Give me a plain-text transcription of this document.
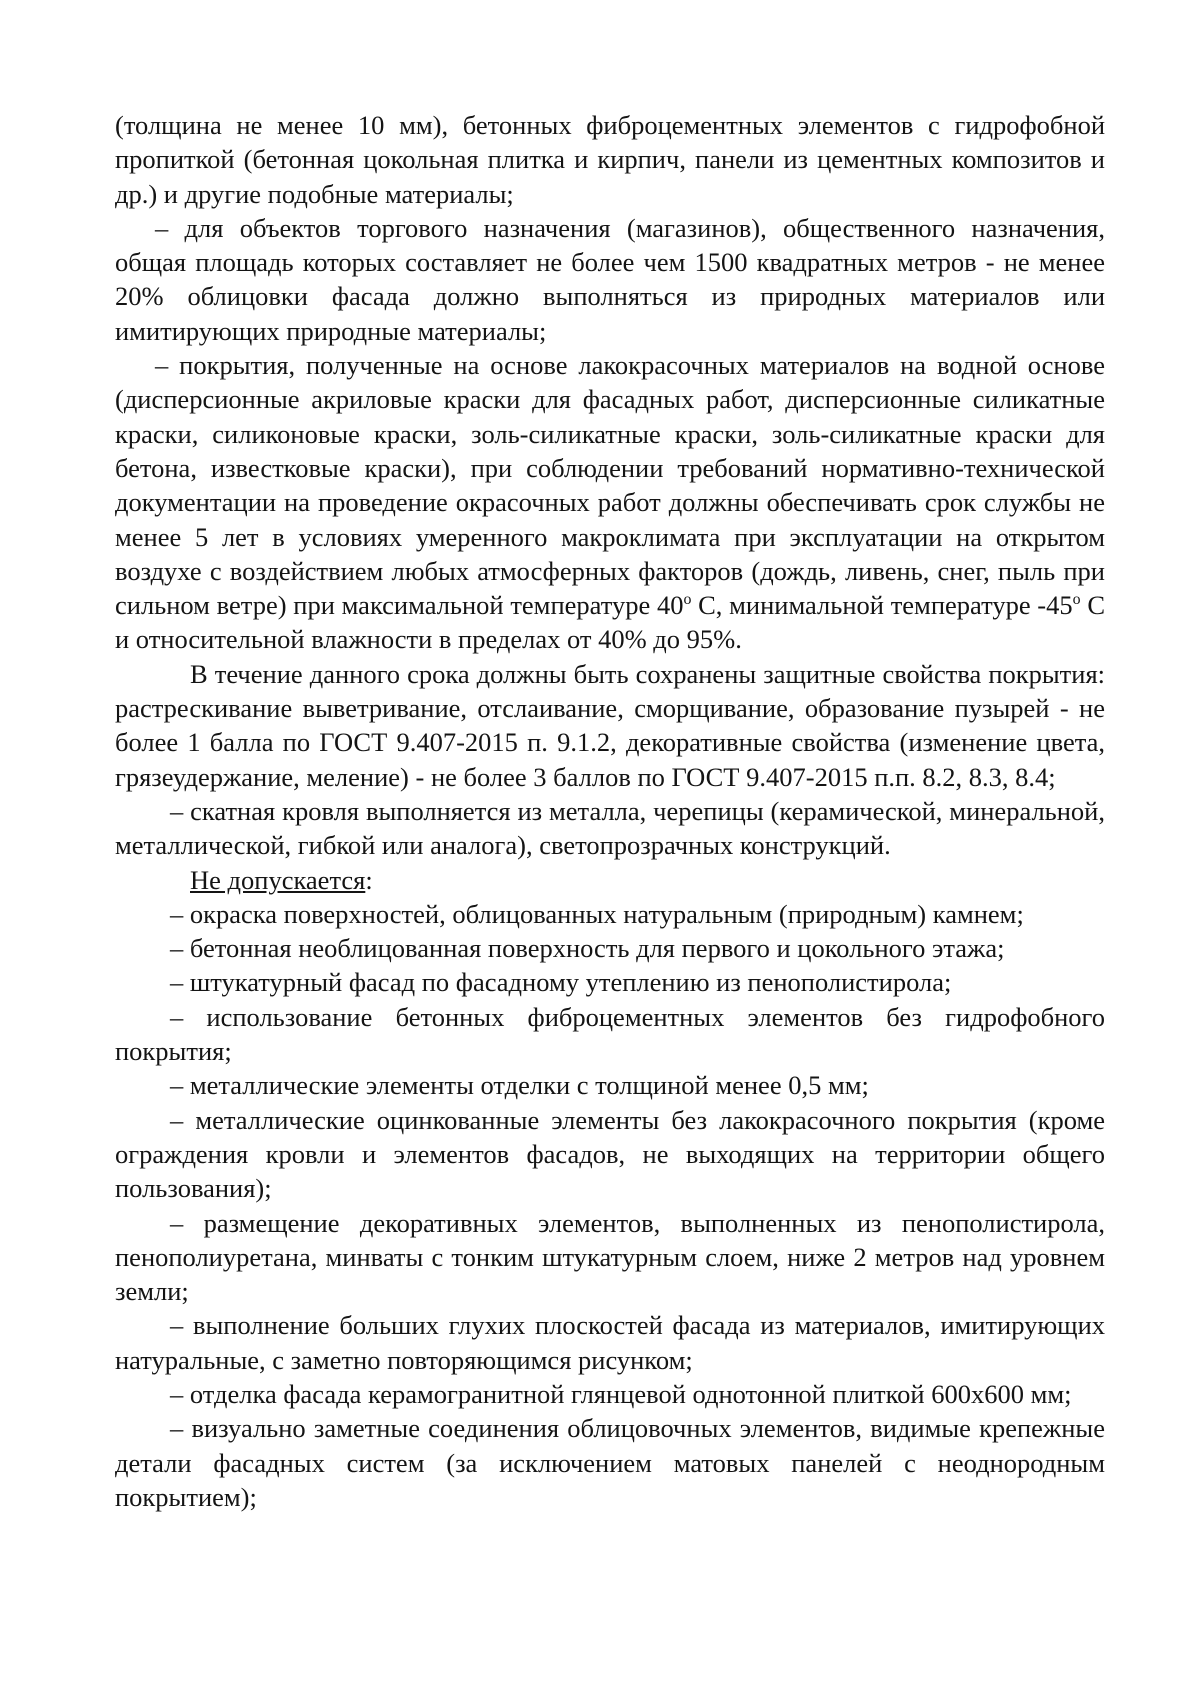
(толщина не менее 10 мм), бетонных фиброцементных элементов с гидрофобной пропиткой (бетонная цокольная плитка и кирпич, панели из цементных композитов и др.) и другие подобные материалы;

– для объектов торгового назначения (магазинов), общественного назначения, общая площадь которых составляет не более чем 1500 квадратных метров - не менее 20% облицовки фасада должно выполняться из природных материалов или имитирующих природные материалы;

– покрытия, полученные на основе лакокрасочных материалов на водной основе (дисперсионные акриловые краски для фасадных работ, дисперсионные силикатные краски, силиконовые краски, золь-силикатные краски, золь-силикатные краски для бетона, известковые краски), при соблюдении требований нормативно-технической документации на проведение окрасочных работ должны обеспечивать срок службы не менее 5 лет в условиях умеренного макроклимата при эксплуатации на открытом воздухе с воздействием любых атмосферных факторов (дождь, ливень, снег, пыль при сильном ветре) при максимальной температуре $40^о$ С, минимальной температуре $-45^о$ С и относительной влажности в пределах от 40% до 95%.

В течение данного срока должны быть сохранены защитные свойства покрытия: растрескивание выветривание, отслаивание, сморщивание, образование пузырей - не более 1 балла по ГОСТ 9.407-2015 п. 9.1.2, декоративные свойства (изменение цвета, грязеудержание, меление) - не более 3 баллов по ГОСТ 9.407-2015 п.п. 8.2, 8.3, 8.4;

– скатная кровля выполняется из металла, черепицы (керамической, минеральной, металлической, гибкой или аналога), светопрозрачных конструкций.

Не допускается:

– окраска поверхностей, облицованных натуральным (природным) камнем;

– бетонная необлицованная поверхность для первого и цокольного этажа;

– штукатурный фасад по фасадному утеплению из пенополистирола;

– использование бетонных фиброцементных элементов без гидрофобного покрытия;

– металлические элементы отделки с толщиной менее 0,5 мм;

– металлические оцинкованные элементы без лакокрасочного покрытия (кроме ограждения кровли и элементов фасадов, не выходящих на территории общего пользования);

– размещение декоративных элементов, выполненных из пенополистирола, пенополиуретана, минваты с тонким штукатурным слоем, ниже 2 метров над уровнем земли;

– выполнение больших глухих плоскостей фасада из материалов, имитирующих натуральные, с заметно повторяющимся рисунком;

– отделка фасада керамогранитной глянцевой однотонной плиткой 600х600 мм;

– визуально заметные соединения облицовочных элементов, видимые крепежные детали фасадных систем (за исключением матовых панелей с неоднородным покрытием);
